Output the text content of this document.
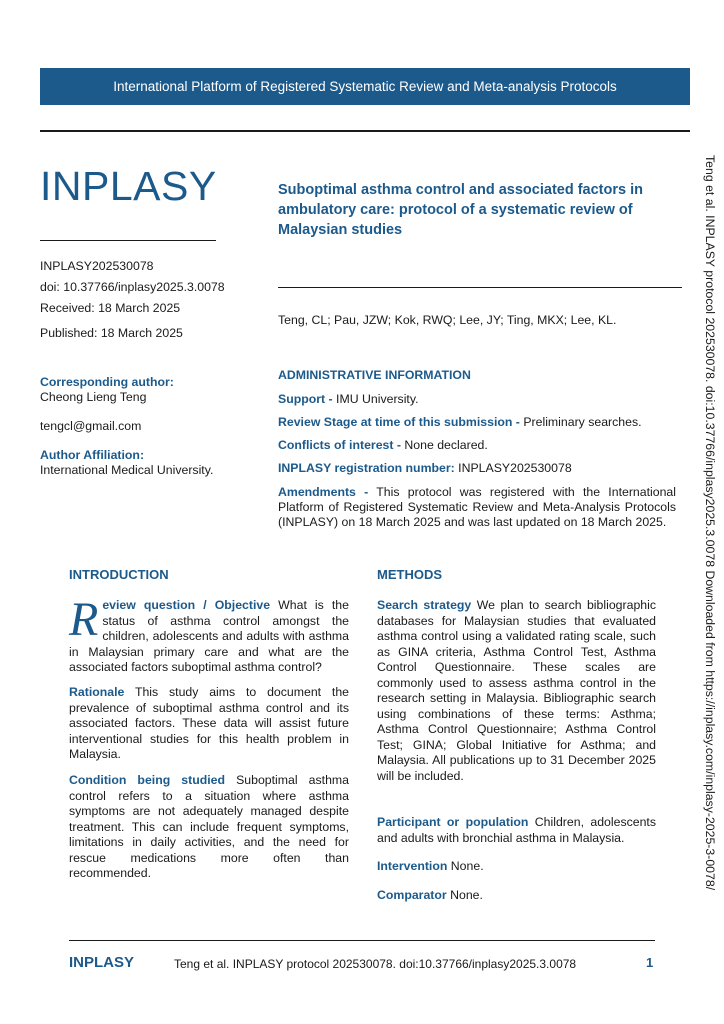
International Platform of Registered Systematic Review and Meta-analysis Protocols
INPLASY
INPLASY202530078
doi: 10.37766/inplasy2025.3.0078
Received: 18 March 2025
Published: 18 March 2025
Corresponding author:
Cheong Lieng Teng
tengcl@gmail.com
Author Affiliation:
International Medical University.
Suboptimal asthma control and associated factors in ambulatory care: protocol of a systematic review of Malaysian studies
Teng, CL; Pau, JZW; Kok, RWQ; Lee, JY; Ting, MKX; Lee, KL.
ADMINISTRATIVE INFORMATION
Support - IMU University.
Review Stage at time of this submission - Preliminary searches.
Conflicts of interest - None declared.
INPLASY registration number: INPLASY202530078
Amendments - This protocol was registered with the International Platform of Registered Systematic Review and Meta-Analysis Protocols (INPLASY) on 18 March 2025 and was last updated on 18 March 2025.	Teng et al. INPLASY protocol 202530078. doi:10.37766/inplasy2025.3.0078 Downloaded from https://inplasy.com/inplasy-2025-3-0078/
INTRODUCTION
Review question / Objective What is the status of asthma control amongst the children, adolescents and adults with asthma in Malaysian primary care and what are the associated factors suboptimal asthma control?
Rationale This study aims to document the prevalence of suboptimal asthma control and its associated factors. These data will assist future interventional studies for this health problem in Malaysia.
Condition being studied Suboptimal asthma control refers to a situation where asthma symptoms are not adequately managed despite treatment. This can include frequent symptoms, limitations in daily activities, and the need for rescue medications more often than recommended.
METHODS
Search strategy We plan to search bibliographic databases for Malaysian studies that evaluated asthma control using a validated rating scale, such as GINA criteria, Asthma Control Test, Asthma Control Questionnaire. These scales are commonly used to assess asthma control in the research setting in Malaysia. Bibliographic search using combinations of these terms: Asthma; Asthma Control Questionnaire; Asthma Control Test; GINA; Global Initiative for Asthma; and Malaysia. All publications up to 31 December 2025 will be included.
Participant or population Children, adolescents and adults with bronchial asthma in Malaysia.
Intervention None.
Comparator None.
INPLASY	Teng et al. INPLASY protocol 202530078. doi:10.37766/inplasy2025.3.0078	1
